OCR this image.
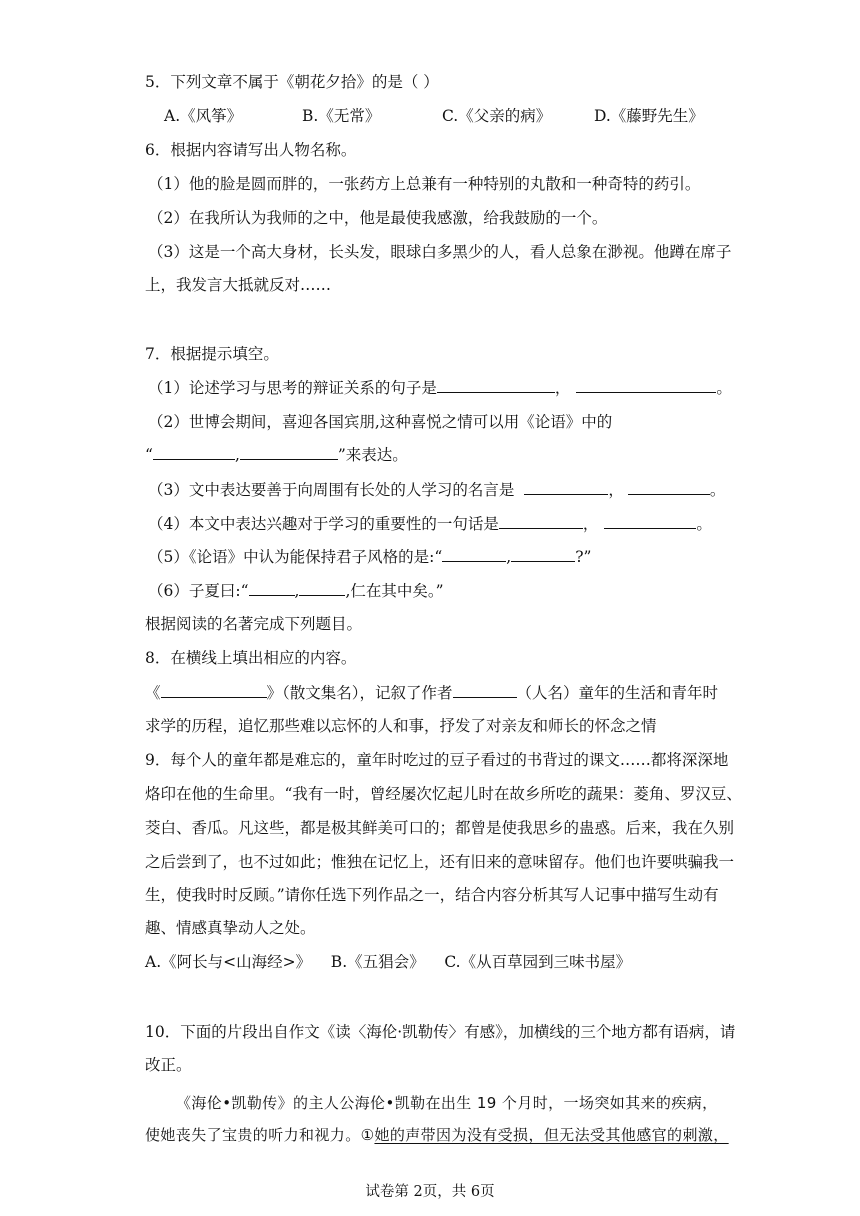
5．下列文章不属于《朝花夕拾》的是（ ）
A.《风筝》	B.《无常》	C.《父亲的病》	D.《藤野先生》
6．根据内容请写出人物名称。
（1）他的脸是圆而胖的，一张药方上总兼有一种特别的丸散和一种奇特的药引。
（2）在我所认为我师的之中，他是最使我感激，给我鼓励的一个。
（3）这是一个高大身材，长头发，眼球白多黑少的人，看人总象在渺视。他蹲在席子
上，我发言大抵就反对……
7．根据提示填空。
（1）论述学习与思考的辩证关系的句子是	，	。
（2）世博会期间，喜迎各国宾朋,这种喜悦之情可以用《论语》中的
“	,	”来表达。
（3）文中表达要善于向周围有长处的人学习的名言是	，	。
（4）本文中表达兴趣对于学习的重要性的一句话是	，	。
（5）《论语》中认为能保持君子风格的是:“	,	?”
（6）子夏曰:“	,	,仁在其中矣。”
根据阅读的名著完成下列题目。
8．在横线上填出相应的内容。
《	》（散文集名），记叙了作者	（人名）童年的生活和青年时
求学的历程，追忆那些难以忘怀的人和事，抒发了对亲友和师长的怀念之情
9．每个人的童年都是难忘的，童年时吃过的豆子看过的书背过的课文……都将深深地
烙印在他的生命里。“我有一时，曾经屡次忆起儿时在故乡所吃的蔬果：菱角、罗汉豆、
茭白、香瓜。凡这些，都是极其鲜美可口的；都曾是使我思乡的蛊惑。后来，我在久别
之后尝到了，也不过如此；惟独在记忆上，还有旧来的意味留存。他们也许要哄骗我一
生，使我时时反顾。”请你任选下列作品之一，结合内容分析其写人记事中描写生动有
趣、情感真挚动人之处。
A.《阿长与<山海经>》    B.《五猖会》    C.《从百草园到三味书屋》
10．下面的片段出自作文《读〈海伦·凯勒传〉有感》，加横线的三个地方都有语病，请
改正。
《海伦•凯勒传》的主人公海伦•凯勒在出生 19 个月时，一场突如其来的疾病，
使她丧失了宝贵的听力和视力。①她的声带因为没有受损，但无法受其他感官的刺激，
试卷第 2页，共 6页
